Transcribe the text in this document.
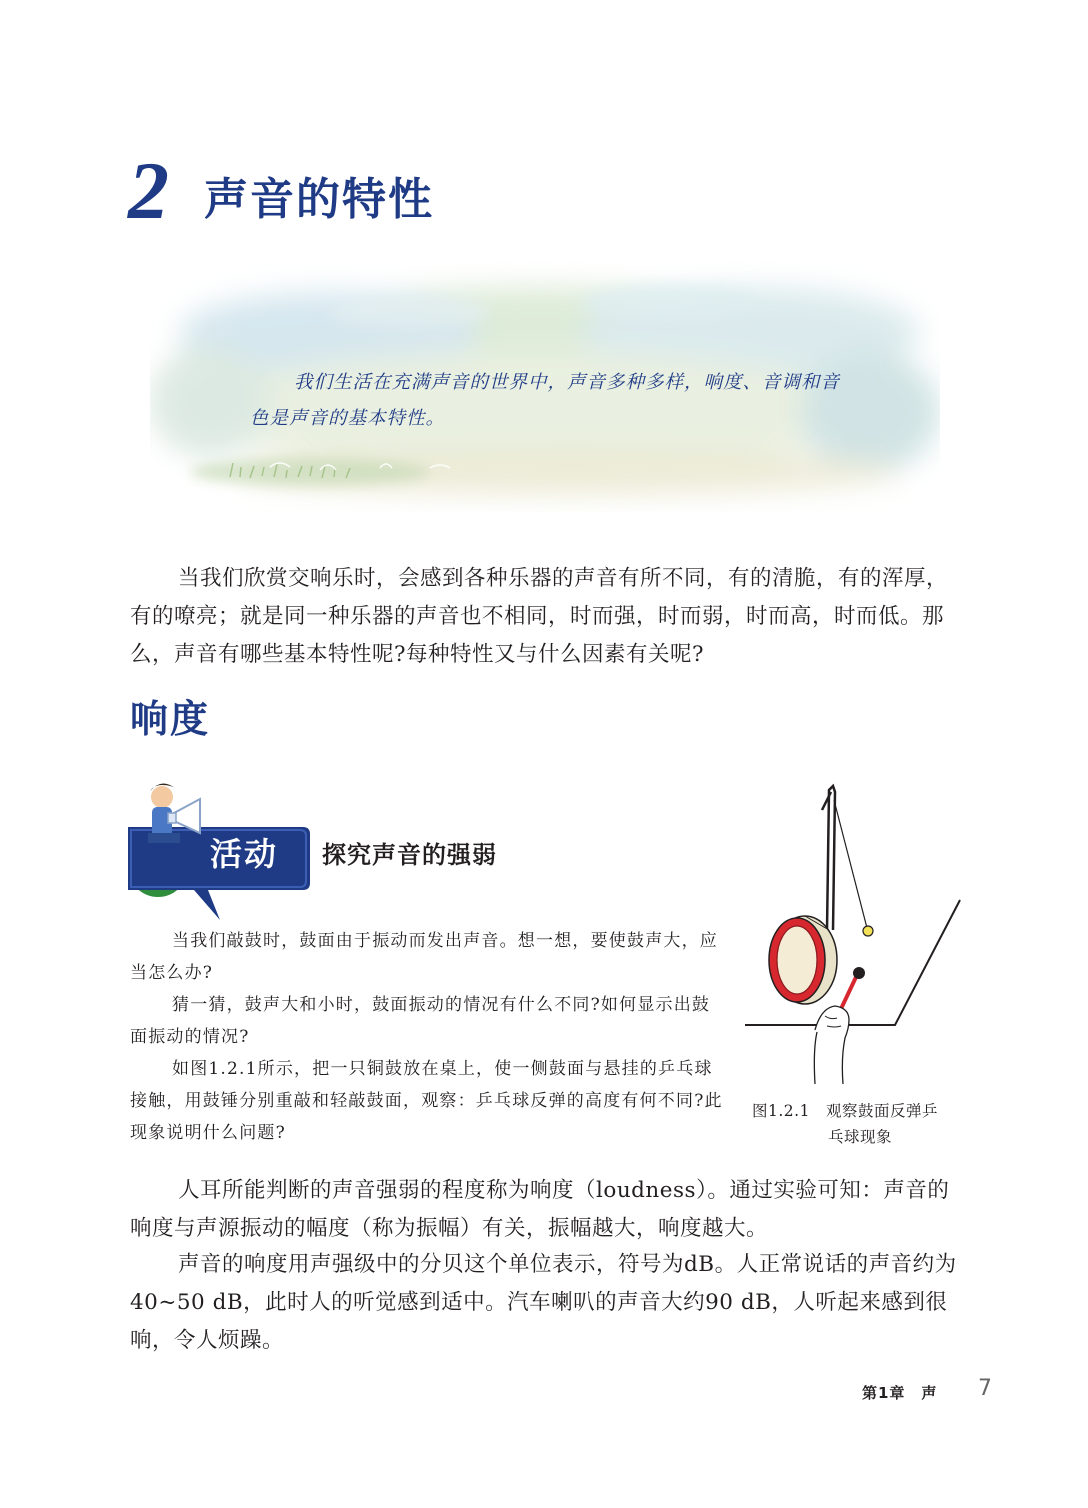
2 声音的特性
我们生活在充满声音的世界中，声音多种多样，响度、音调和音色是声音的基本特性。
当我们欣赏交响乐时，会感到各种乐器的声音有所不同，有的清脆，有的浑厚，有的嘹亮；就是同一种乐器的声音也不相同，时而强，时而弱，时而高，时而低。那么，声音有哪些基本特性呢?每种特性又与什么因素有关呢?
响度
活动 探究声音的强弱
当我们敲鼓时，鼓面由于振动而发出声音。想一想，要使鼓声大，应当怎么办?
猜一猜，鼓声大和小时，鼓面振动的情况有什么不同?如何显示出鼓面振动的情况?
如图1.2.1所示，把一只铜鼓放在桌上，使一侧鼓面与悬挂的乒乓球接触，用鼓锤分别重敲和轻敲鼓面，观察：乒乓球反弹的高度有何不同?此现象说明什么问题?
图1.2.1 观察鼓面反弹乒
乓球现象
人耳所能判断的声音强弱的程度称为响度（loudness）。通过实验可知：声音的响度与声源振动的幅度（称为振幅）有关，振幅越大，响度越大。
声音的响度用声强级中的分贝这个单位表示，符号为dB。人正常说话的声音约为40~50 dB，此时人的听觉感到适中。汽车喇叭的声音大约90 dB，人听起来感到很响，令人烦躁。
第1章　声 7
